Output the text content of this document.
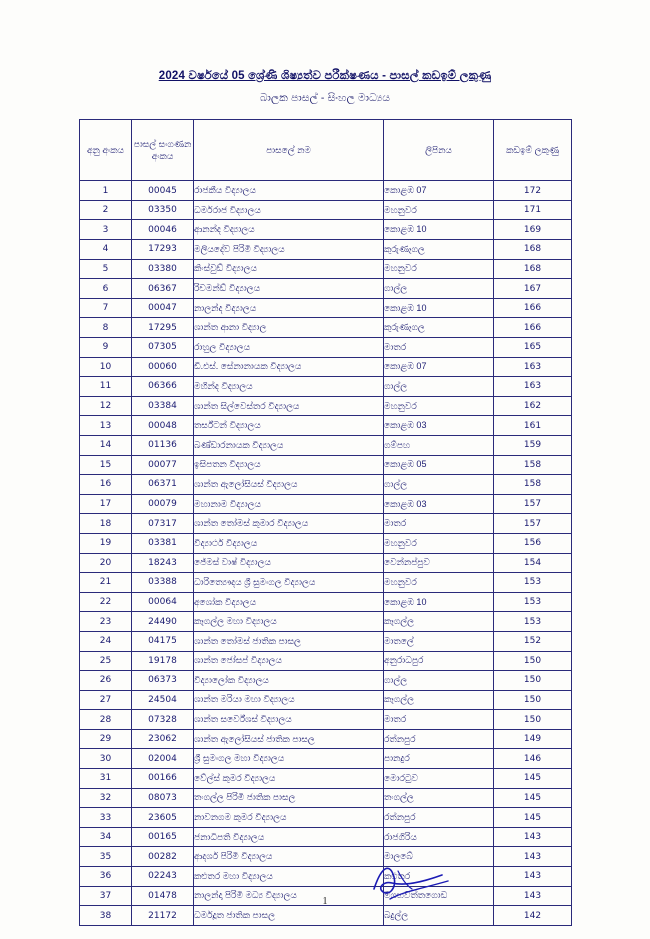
2024 වර්ෂයේ 05 ශ්‍රේණි ශිෂ්‍යත්ව පරීක්ෂණය - පාසල් කඩඉම් ලකුණු
බාලක පාසල් - සිංහල මාධ්‍යය
අනු අංකය	පාසල් සංගණන අංකය	පාසලේ නම	ලිපිනය	කඩඉම් ලකුණු
1	00045	රාජකීය විද්‍යාලය	කොළඹ 07	172
2	03350	ධර්මරාජ විද්‍යාලය	මහනුවර	171
3	00046	ආනන්ද විද්‍යාලය	කොළඹ 10	169
4	17293	මලියදේව පිරිමි විද්‍යාලය	කුරුණෑගල	168
5	03380	කිංස්වුඩ් විද්‍යාලය	මහනුවර	168
6	06367	රිචමන්ඩ් විද්‍යාලය	ගාල්ල	167
7	00047	නාලන්ද විද්‍යාලය	කොළඹ 10	166
8	17295	ශාන්ත ආනා විද්‍යාල	කුරුණෑගල	166
9	07305	රාහුල විද්‍යාලය	මාතර	165
10	00060	ඩී.එස්. සේනානායක විද්‍යාලය	කොළඹ 07	163
11	06366	මහින්ද විද්‍යාලය	ගාල්ල	163
12	03384	ශාන්ත සිල්වෙස්තර විද්‍යාලය	මහනුවර	162
13	00048	තර්ස්ටන් විද්‍යාලය	කොළඹ 03	161
14	01136	බණ්ඩාරනායක විද්‍යාලය	ගම්පහ	159
15	00077	ඉසිපතන විද්‍යාලය	කොළඹ 05	158
16	06371	ශාන්ත ඇලෝසියස් විද්‍යාලය	ගාල්ල	158
17	00079	මහානාම විද්‍යාලය	කොළඹ 03	157
18	07317	ශාන්ත තෝමස් කුමාර විද්‍යාලය	මාතර	157
19	03381	විද්‍යාර්ථ විද්‍යාලය	මහනුවර	156
20	18243	ජේමස් වාෂ් විද්‍යාලය	වෙන්නප්පුව	154
21	03388	ධාරිත්‍යෞදය ශ්‍රී සුමංගල විද්‍යාලය	මහනුවර	153
22	00064	අශෝක විද්‍යාලය	කොළඹ 10	153
23	24490	කෑගල්ල මහා විද්‍යාලය	කෑගල්ල	153
24	04175	ශාන්ත තෝමස් ජාතික පාසල	මාතලේ	152
25	19178	ශාන්ත ජෝසප් විද්‍යාලය	අනුරාධපුර	150
26	06373	විද්‍යාලෝක විද්‍යාලය	ගාල්ල	150
27	24504	ශාන්ත මරියා මහා විද්‍යාලය	කෑගල්ල	150
28	07328	ශාන්ත සර්වේශස් විද්‍යාලය	මාතර	150
29	23062	ශාන්ත ඇලෝසියස් ජාතික පාසල	රත්නපුර	149
30	02004	ශ්‍රී සුමංගල මහා විද්‍යාලය	පානදුර	146
31	00166	වේල්ස් කුමර විද්‍යාලය	මොරටුව	145
32	08073	තංගල්ල පිරිමි ජාතික පාසල	තංගල්ල	145
33	23605	නාවනගම කුමර විද්‍යාලය	රත්නපුර	145
34	00165	ජනාධිපති විද්‍යාලය	රාජගිරිය	143
35	00282	ආදර්ශ පිරිමි විද්‍යාලය	මාලබේ	143
36	02243	කළුතර මහා විද්‍යාලය	කළුතර	143
37	01478	නාලන්දා පිරිමි මධ්‍ය විද්‍යාලය	මීගහවත්තගොඩ	143
38	21172	ධර්මදූත ජාතික පාසල	බදුල්ල	142
1
